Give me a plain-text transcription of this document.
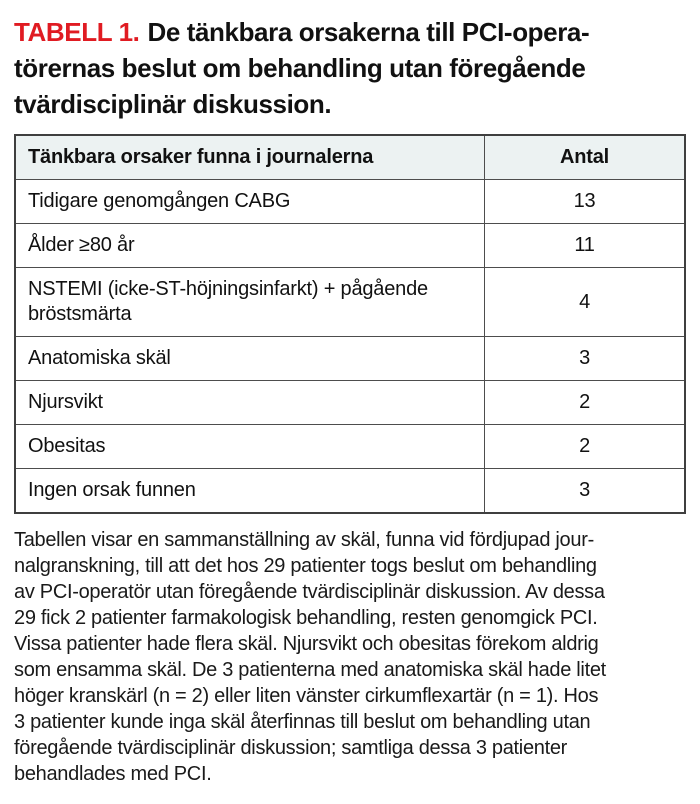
TABELL 1. De tänkbara orsakerna till PCI-opera-
törernas beslut om behandling utan föregående
tvärdisciplinär diskussion.
Tänkbara orsaker funna i journalerna	Antal
Tidigare genomgången CABG	13
Ålder ≥80 år	11
NSTEMI (icke-ST-höjningsinfarkt) + pågående bröstsmärta	4
Anatomiska skäl	3
Njursvikt	2
Obesitas	2
Ingen orsak funnen	3
Tabellen visar en sammanställning av skäl, funna vid fördjupad jour-
nalgranskning, till att det hos 29 patienter togs beslut om behandling
av PCI-operatör utan föregående tvärdisciplinär diskussion. Av dessa
29 fick 2 patienter farmakologisk behandling, resten genomgick PCI.
Vissa patienter hade flera skäl. Njursvikt och obesitas förekom aldrig
som ensamma skäl. De 3 patienterna med anatomiska skäl hade litet
höger kranskärl (n = 2) eller liten vänster cirkumflexartär (n = 1). Hos
3 patienter kunde inga skäl återfinnas till beslut om behandling utan
föregående tvärdisciplinär diskussion; samtliga dessa 3 patienter
behandlades med PCI.
